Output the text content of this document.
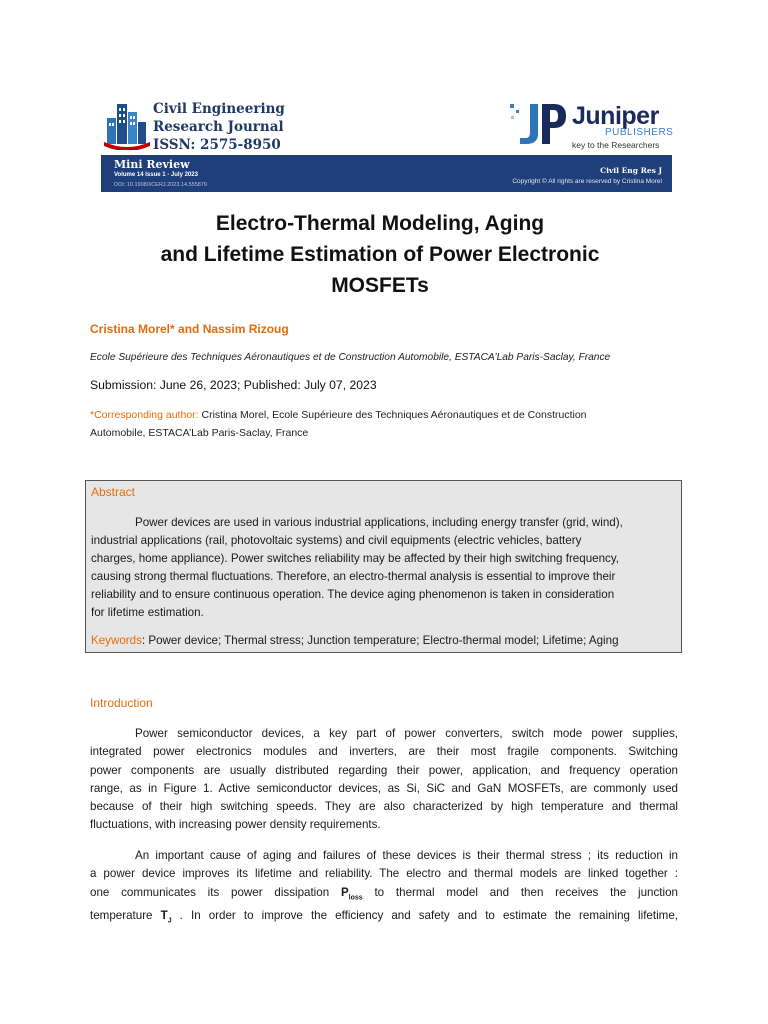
Civil Engineering
Research Journal
ISSN: 2575-8950
Juniper
PUBLISHERS
key to the Researchers
Mini Review
Volume 14 Issue 1 - July 2023
DOI: 10.19080/CERJ.2023.14.555879
Civil Eng Res J
Copyright © All rights are reserved by Cristina Morel
Electro-Thermal Modeling, Aging
and Lifetime Estimation of Power Electronic
MOSFETs
Cristina Morel* and Nassim Rizoug
Ecole Supérieure des Techniques Aéronautiques et de Construction Automobile, ESTACA’Lab Paris-Saclay, France
Submission: June 26, 2023; Published: July 07, 2023
*Corresponding author: Cristina Morel, Ecole Supérieure des Techniques Aéronautiques et de Construction
Automobile, ESTACA’Lab Paris-Saclay, France
Abstract
Power devices are used in various industrial applications, including energy transfer (grid, wind),
industrial applications (rail, photovoltaic systems) and civil equipments (electric vehicles, battery
charges, home appliance). Power switches reliability may be affected by their high switching frequency,
causing strong thermal fluctuations. Therefore, an electro-thermal analysis is essential to improve their
reliability and to ensure continuous operation. The device aging phenomenon is taken in consideration
for lifetime estimation.
Keywords: Power device; Thermal stress; Junction temperature; Electro-thermal model; Lifetime; Aging
Introduction
Power semiconductor devices, a key part of power converters, switch mode power supplies,
integrated power electronics modules and inverters, are their most fragile components. Switching
power components are usually distributed regarding their power, application, and frequency operation
range, as in Figure 1. Active semiconductor devices, as Si, SiC and GaN MOSFETs, are commonly used
because of their high switching speeds. They are also characterized by high temperature and thermal
fluctuations, with increasing power density requirements.
An important cause of aging and failures of these devices is their thermal stress ; its reduction in
a power device improves its lifetime and reliability. The electro and thermal models are linked together :
one communicates its power dissipation $P_{loss}$ to thermal model and then receives the junction
temperature $T_J$ . In order to improve the efficiency and safety and to estimate the remaining lifetime,
